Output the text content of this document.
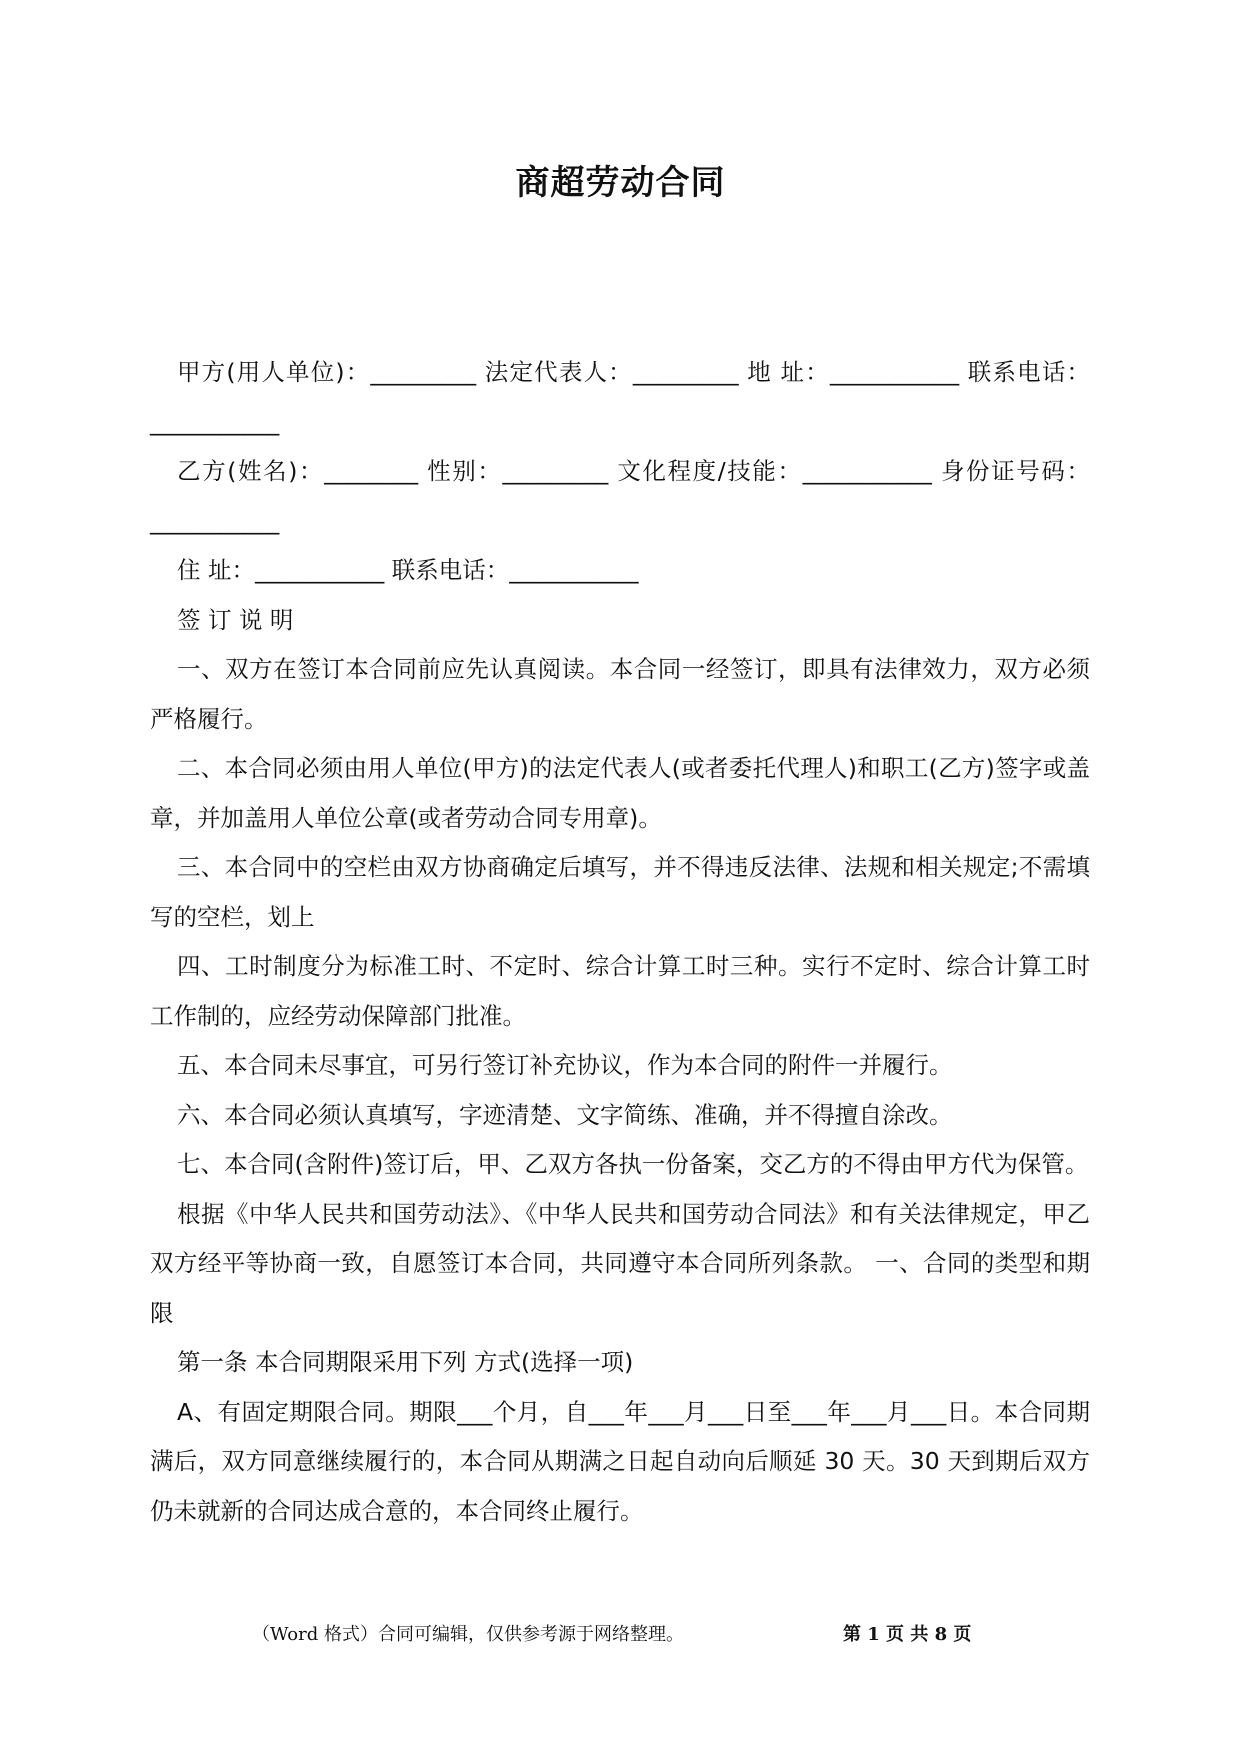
商超劳动合同

甲方(用人单位)：_________ 法定代表人：_________ 地 址：___________ 联系电话：___________

乙方(姓名)：________ 性别：_________ 文化程度/技能：___________ 身份证号码：___________

住 址：___________ 联系电话：___________

签 订 说 明

一、双方在签订本合同前应先认真阅读。本合同一经签订，即具有法律效力，双方必须严格履行。

二、本合同必须由用人单位(甲方)的法定代表人(或者委托代理人)和职工(乙方)签字或盖章，并加盖用人单位公章(或者劳动合同专用章)。

三、本合同中的空栏由双方协商确定后填写，并不得违反法律、法规和相关规定;不需填写的空栏，划上

四、工时制度分为标准工时、不定时、综合计算工时三种。实行不定时、综合计算工时工作制的，应经劳动保障部门批准。

五、本合同未尽事宜，可另行签订补充协议，作为本合同的附件一并履行。

六、本合同必须认真填写，字迹清楚、文字简练、准确，并不得擅自涂改。

七、本合同(含附件)签订后，甲、乙双方各执一份备案，交乙方的不得由甲方代为保管。

根据《中华人民共和国劳动法》、《中华人民共和国劳动合同法》和有关法律规定，甲乙双方经平等协商一致，自愿签订本合同，共同遵守本合同所列条款。 一、合同的类型和期限

第一条 本合同期限采用下列 方式(选择一项)

A、有固定期限合同。期限___个月，自___年___月___日至___年___月___日。本合同期满后，双方同意继续履行的，本合同从期满之日起自动向后顺延 30 天。30 天到期后双方仍未就新的合同达成合意的，本合同终止履行。

（Word 格式）合同可编辑，仅供参考源于网络整理。	第 1 页 共 8 页
